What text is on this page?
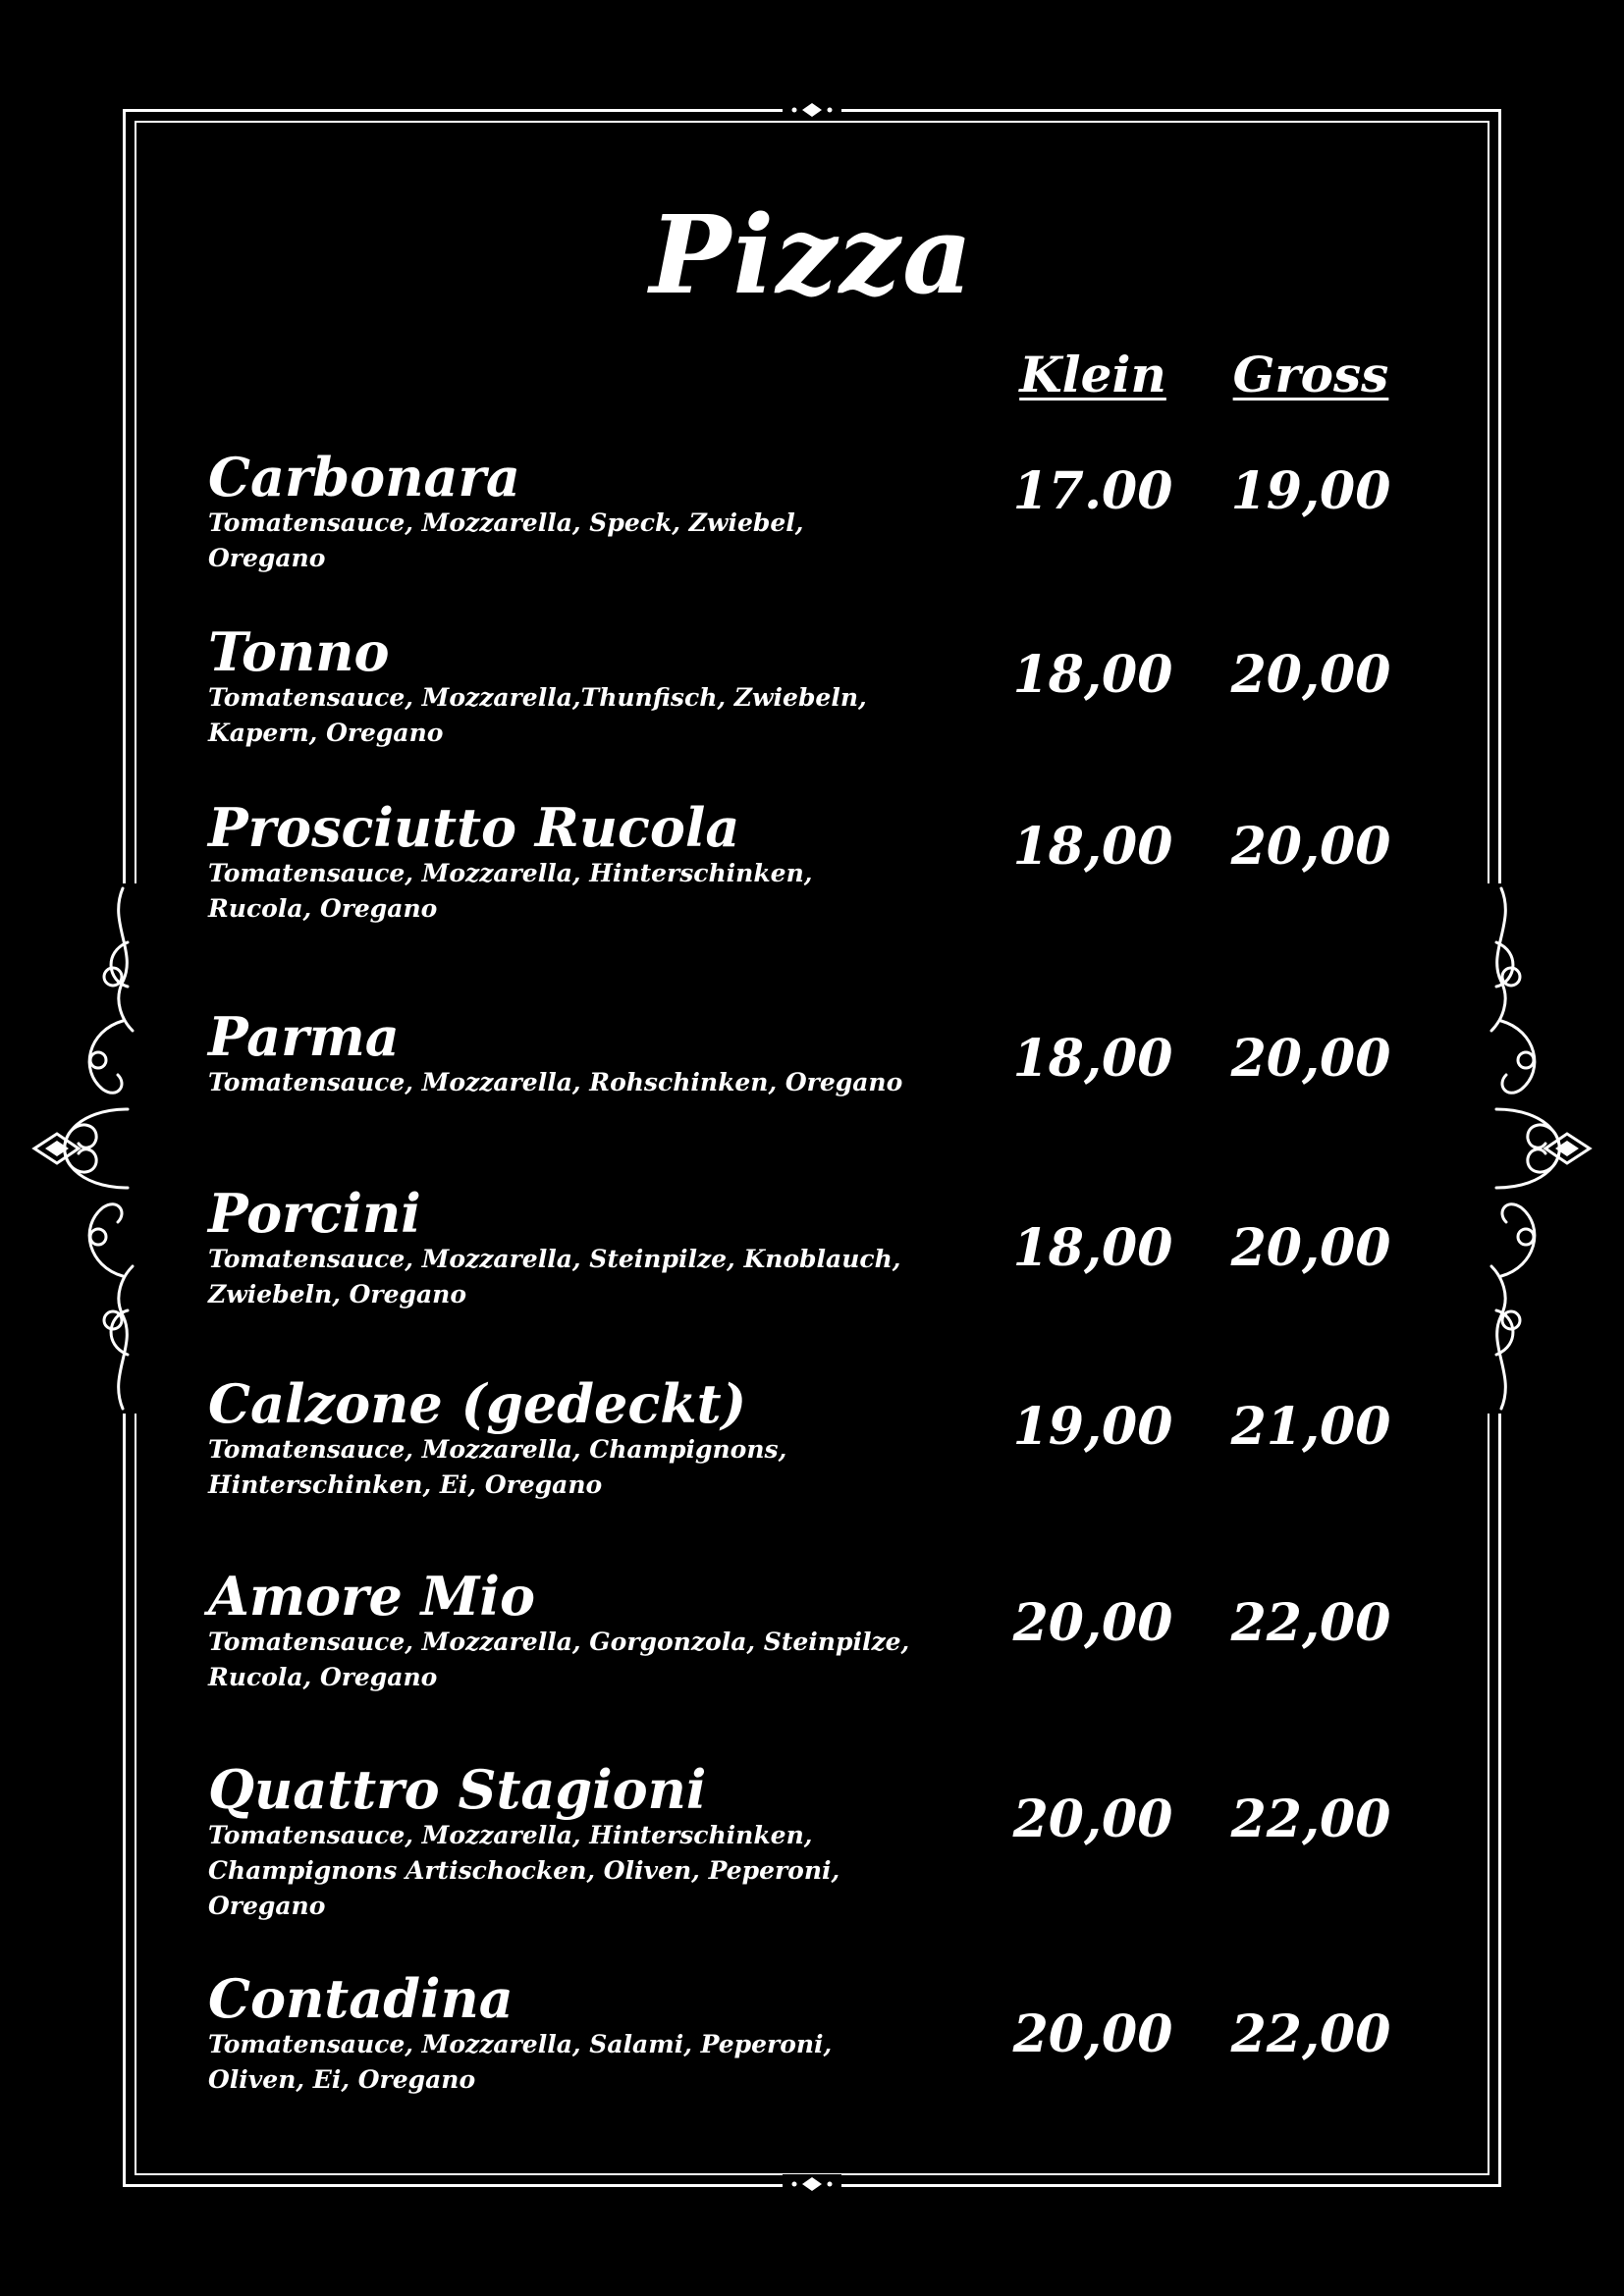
Pizza
Klein	Gross
Carbonara
Tomatensauce, Mozzarella, Speck, Zwiebel, Oregano
17.00 19,00
Tonno
Tomatensauce, Mozzarella,Thunfisch, Zwiebeln, Kapern, Oregano
18,00 20,00
Prosciutto Rucola
Tomatensauce, Mozzarella, Hinterschinken, Rucola, Oregano
18,00 20,00
Parma
Tomatensauce, Mozzarella, Rohschinken, Oregano 18,00 20,00
Porcini
Tomatensauce, Mozzarella, Steinpilze, Knoblauch, Zwiebeln, Oregano
18,00 20,00
Calzone (gedeckt)
Tomatensauce, Mozzarella, Champignons, Hinterschinken, Ei, Oregano
19,00 21,00
Amore Mio
Tomatensauce, Mozzarella, Gorgonzola, Steinpilze, Rucola, Oregano
20,00 22,00
Quattro Stagioni
Tomatensauce, Mozzarella, Hinterschinken, Champignons Artischocken, Oliven, Peperoni, Oregano
20,00 22,00
Contadina
Tomatensauce, Mozzarella, Salami, Peperoni, Oliven, Ei, Oregano
20,00 22,00
